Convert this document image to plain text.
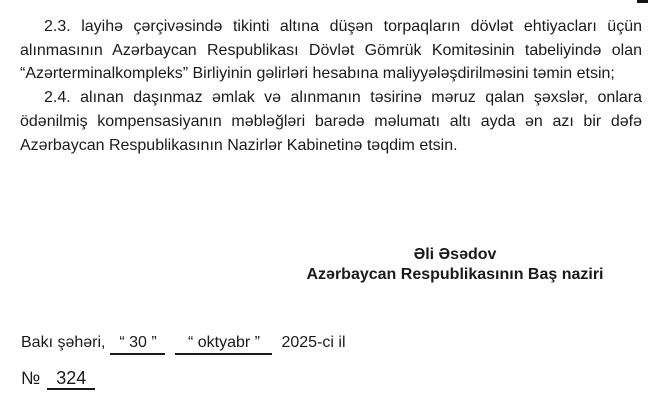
2.3. layihə çərçivəsində tikinti altına düşən torpaqların dövlət ehtiyacları üçün
alınmasının Azərbaycan Respublikası Dövlət Gömrük Komitəsinin tabeliyində olan
“Azərterminalkompleks” Birliyinin gəlirləri hesabına maliyyələşdirilməsini təmin etsin;
2.4. alınan daşınmaz əmlak və alınmanın təsirinə məruz qalan şəxslər, onlara
ödənilmiş kompensasiyanın məbləğləri barədə məlumatı altı ayda ən azı bir dəfə
Azərbaycan Respublikasının Nazirlər Kabinetinə təqdim etsin.
Əli Əsədov
Azərbaycan Respublikasının Baş naziri
Bakı şəhəri, “ 30 ” “ oktyabr ” 2025-ci il
№ 324
